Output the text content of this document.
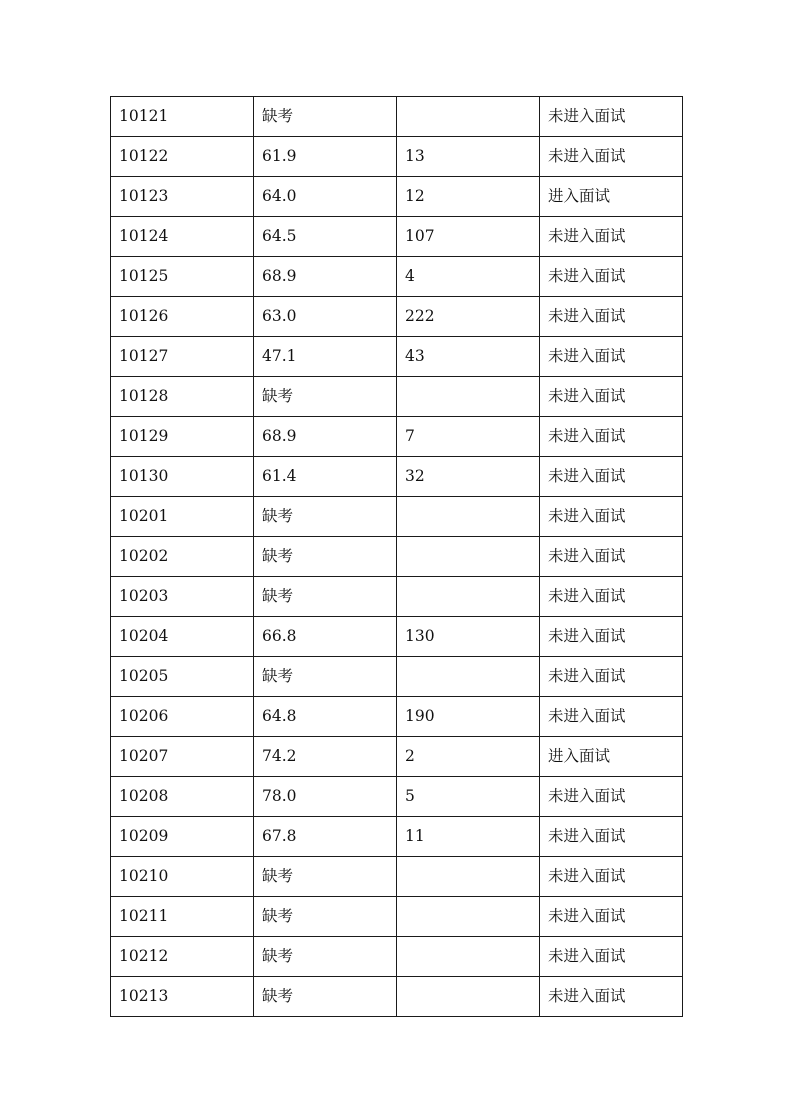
10121	缺考		未进入面试
10122	61.9	13	未进入面试
10123	64.0	12	进入面试
10124	64.5	107	未进入面试
10125	68.9	4	未进入面试
10126	63.0	222	未进入面试
10127	47.1	43	未进入面试
10128	缺考		未进入面试
10129	68.9	7	未进入面试
10130	61.4	32	未进入面试
10201	缺考		未进入面试
10202	缺考		未进入面试
10203	缺考		未进入面试
10204	66.8	130	未进入面试
10205	缺考		未进入面试
10206	64.8	190	未进入面试
10207	74.2	2	进入面试
10208	78.0	5	未进入面试
10209	67.8	11	未进入面试
10210	缺考		未进入面试
10211	缺考		未进入面试
10212	缺考		未进入面试
10213	缺考		未进入面试
